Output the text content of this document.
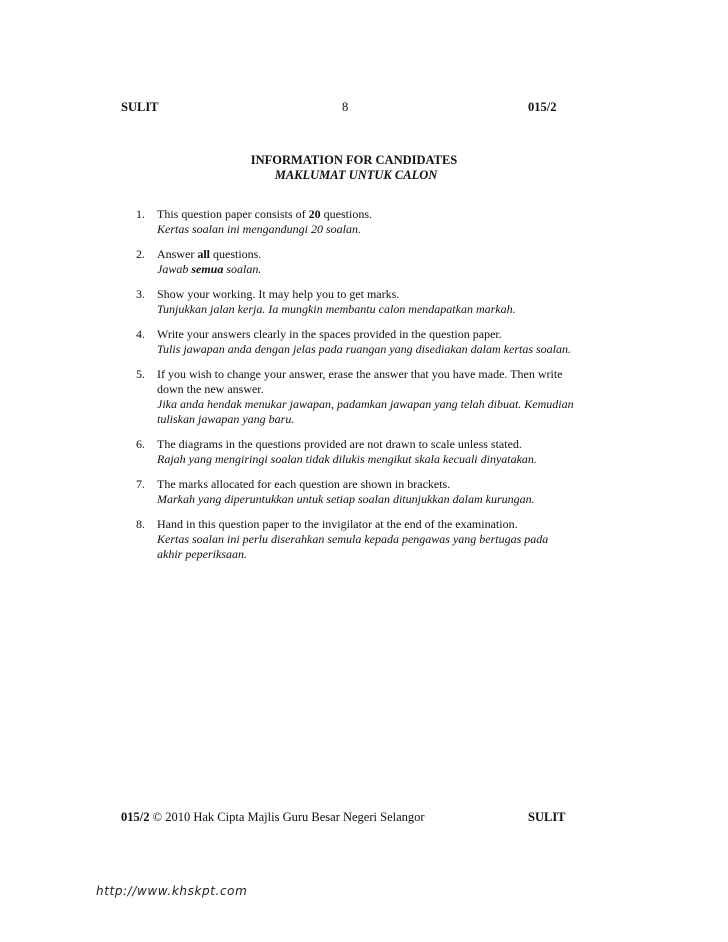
SULIT	8	015/2
INFORMATION FOR CANDIDATES
MAKLUMAT UNTUK CALON
1. This question paper consists of 20 questions.
Kertas soalan ini mengandungi 20 soalan.
2. Answer all questions.
Jawab semua soalan.
3. Show your working. It may help you to get marks.
Tunjukkan jalan kerja. Ia mungkin membantu calon mendapatkan markah.
4. Write your answers clearly in the spaces provided in the question paper.
Tulis jawapan anda dengan jelas pada ruangan yang disediakan dalam kertas soalan.
5. If you wish to change your answer, erase the answer that you have made. Then write down the new answer.
Jika anda hendak menukar jawapan, padamkan jawapan yang telah dibuat. Kemudian tuliskan jawapan yang baru.
6. The diagrams in the questions provided are not drawn to scale unless stated.
Rajah yang mengiringi soalan tidak dilukis mengikut skala kecuali dinyatakan.
7. The marks allocated for each question are shown in brackets.
Markah yang diperuntukkan untuk setiap soalan ditunjukkan dalam kurungan.
8. Hand in this question paper to the invigilator at the end of the examination.
Kertas soalan ini perlu diserahkan semula kepada pengawas yang bertugas pada akhir peperiksaan.
015/2 © 2010 Hak Cipta Majlis Guru Besar Negeri Selangor	SULIT
http://www.khskpt.com
